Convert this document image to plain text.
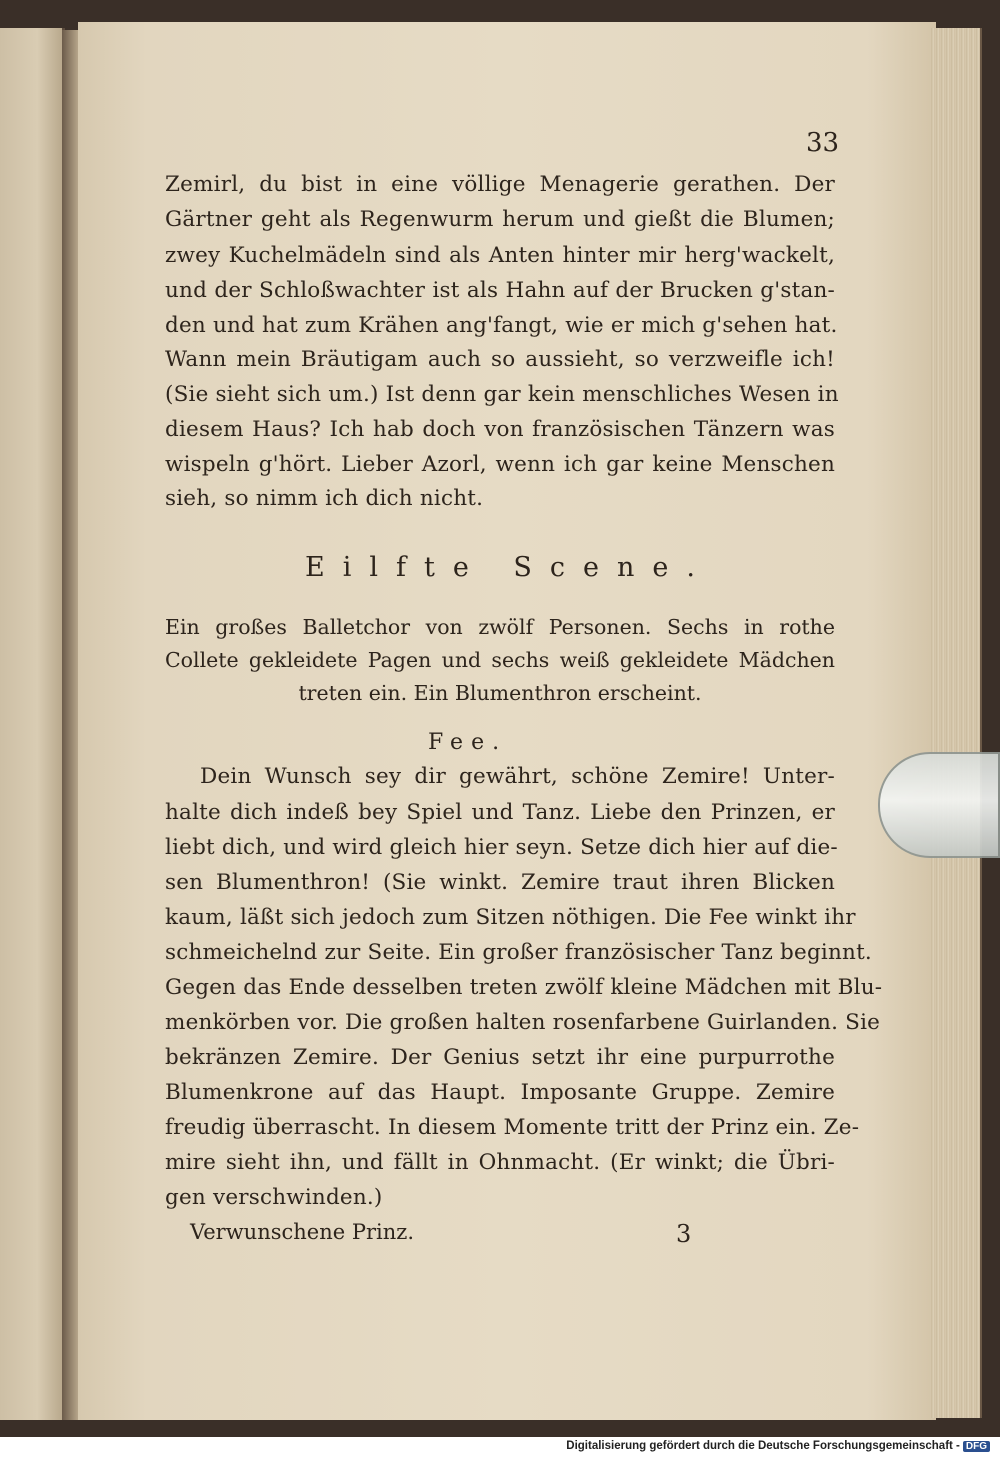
33
Zemirl, du bist in eine völlige Menagerie gerathen. Der
Gärtner geht als Regenwurm herum und gießt die Blumen;
zwey Kuchelmädeln sind als Anten hinter mir herg'wackelt,
und der Schloßwachter ist als Hahn auf der Brucken g'stan-
den und hat zum Krähen ang'fangt, wie er mich g'sehen hat.
Wann mein Bräutigam auch so aussieht, so verzweifle ich!
(Sie sieht sich um.) Ist denn gar kein menschliches Wesen in
diesem Haus? Ich hab doch von französischen Tänzern was
wispeln g'hört. Lieber Azorl, wenn ich gar keine Menschen
sieh, so nimm ich dich nicht.
Eilfte Scene.
Ein großes Balletchor von zwölf Personen. Sechs in rothe
Collete gekleidete Pagen und sechs weiß gekleidete Mädchen
treten ein. Ein Blumenthron erscheint.
Fee.
Dein Wunsch sey dir gewährt, schöne Zemire! Unter-
halte dich indeß bey Spiel und Tanz. Liebe den Prinzen, er
liebt dich, und wird gleich hier seyn. Setze dich hier auf die-
sen Blumenthron! (Sie winkt. Zemire traut ihren Blicken
kaum, läßt sich jedoch zum Sitzen nöthigen. Die Fee winkt ihr
schmeichelnd zur Seite. Ein großer französischer Tanz beginnt.
Gegen das Ende desselben treten zwölf kleine Mädchen mit Blu-
menkörben vor. Die großen halten rosenfarbene Guirlanden. Sie
bekränzen Zemire. Der Genius setzt ihr eine purpurrothe
Blumenkrone auf das Haupt. Imposante Gruppe. Zemire
freudig überrascht. In diesem Momente tritt der Prinz ein. Ze-
mire sieht ihn, und fällt in Ohnmacht. (Er winkt; die Übri-
gen verschwinden.)
Verwunschene Prinz.	3
Digitalisierung gefördert durch die Deutsche Forschungsgemeinschaft - DFG
